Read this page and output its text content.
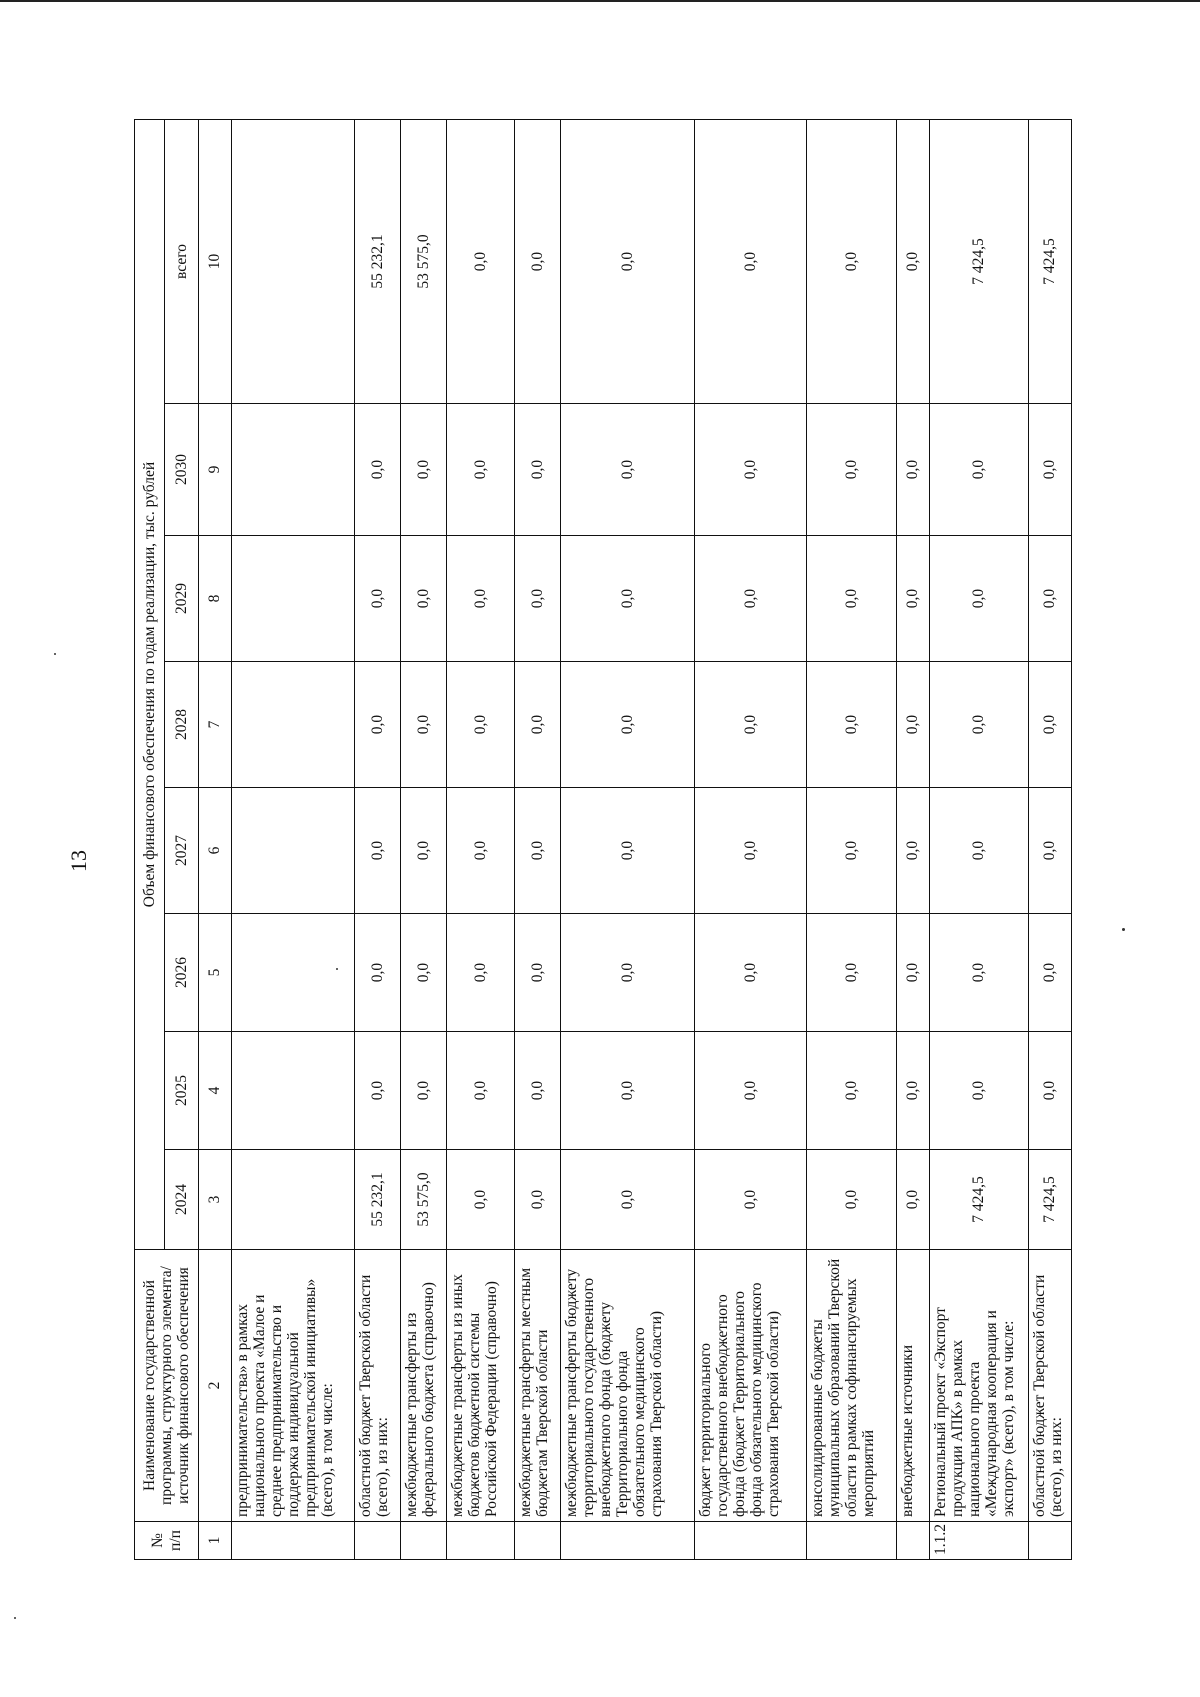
13
№ п/п	Наименование государственной программы, структурного элемента/источник финансового обеспечения	Объем финансового обеспечения по годам реализации, тыс. рублей							
		2024	2025	2026	2027	2028	2029	2030	всего
1	2	3	4	5	6	7	8	9	10
	предпринимательства» в рамках национального проекта «Малое и среднее предпринимательство и поддержка индивидуальной предпринимательской инициативы» (всего), в том числе:								
	областной бюджет Тверской области (всего), из них:	55 232,1	0,0	0,0	0,0	0,0	0,0	0,0	55 232,1
	межбюджетные трансферты из федерального бюджета (справочно)	53 575,0	0,0	0,0	0,0	0,0	0,0	0,0	53 575,0
	межбюджетные трансферты из иных бюджетов бюджетной системы Российской Федерации (справочно)	0,0	0,0	0,0	0,0	0,0	0,0	0,0	0,0
	межбюджетные трансферты местным бюджетам Тверской области	0,0	0,0	0,0	0,0	0,0	0,0	0,0	0,0
	межбюджетные трансферты бюджету территориального государственного внебюджетного фонда (бюджету Территориального фонда обязательного медицинского страхования Тверской области)	0,0	0,0	0,0	0,0	0,0	0,0	0,0	0,0
	бюджет территориального государственного внебюджетного фонда (бюджет Территориального фонда обязательного медицинского страхования Тверской области)	0,0	0,0	0,0	0,0	0,0	0,0	0,0	0,0
	консолидированные бюджеты муниципальных образований Тверской области в рамках софинансируемых мероприятий	0,0	0,0	0,0	0,0	0,0	0,0	0,0	0,0
	внебюджетные источники	0,0	0,0	0,0	0,0	0,0	0,0	0,0	0,0
1.1.2	Региональный проект «Экспорт продукции АПК» в рамках национального проекта «Международная кооперация и экспорт» (всего), в том числе:	7 424,5	0,0	0,0	0,0	0,0	0,0	0,0	7 424,5
	областной бюджет Тверской области (всего), из них:	7 424,5	0,0	0,0	0,0	0,0	0,0	0,0	7 424,5
